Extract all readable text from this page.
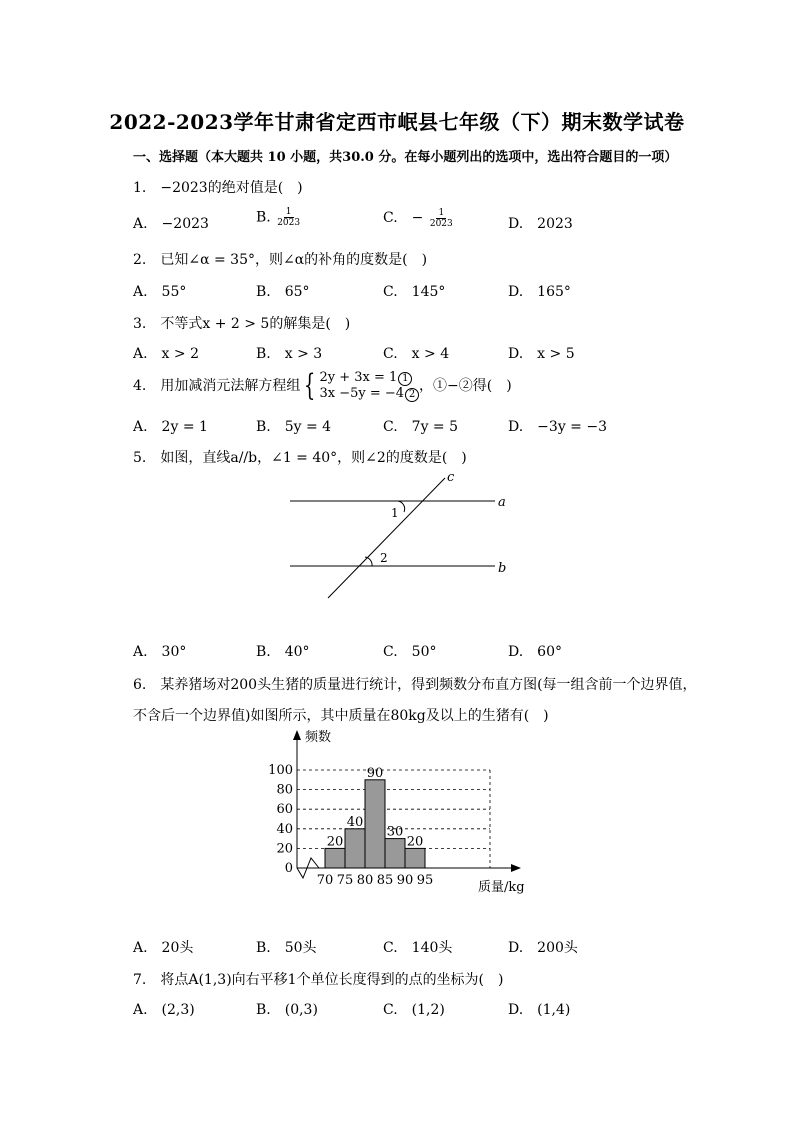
2022-2023学年甘肃省定西市岷县七年级（下）期末数学试卷
一、选择题（本大题共 10 小题，共30.0 分。在每小题列出的选项中，选出符合题目的一项）
1.　−2023的绝对值是(　)
A.　−2023	B. $\frac{1}{2023}$	C.　− $\frac{1}{2023}$	D.　2023
2.　已知∠α = 35°，则∠α的补角的度数是(　)
A.　55°	B.　65°	C.　145°	D.　165°
3.　不等式x + 2 > 5的解集是(　)
A.　x > 2	B.　x > 3	C.　x > 4	D.　x > 5
4.　用加减消元法解方程组 { 2y + 3x = 1 1
3x −5y = −4 2
，①−②得(　)
A.　2y = 1	B.　5y = 4	C.　7y = 5	D.　−3y = −3
5.　如图，直线a//b，∠1 = 40°，则∠2的度数是(　)
c
a
b
1
2
A.　30°	B.　40°	C.　50°	D.　60°
6.　某养猪场对200头生猪的质量进行统计，得到频数分布直方图(每一组含前一个边界值，
不含后一个边界值)如图所示，其中质量在80kg及以上的生猪有(　)
频数
质量/kg
0
20
40
60
80
100
20
40
90
30
20
70 75 80 85 90 95
A.　20头	B.　50头	C.　140头	D.　200头
7.　将点A(1,3)向右平移1个单位长度得到的点的坐标为(　)
A.　(2,3)	B.　(0,3)	C.　(1,2)	D.　(1,4)
